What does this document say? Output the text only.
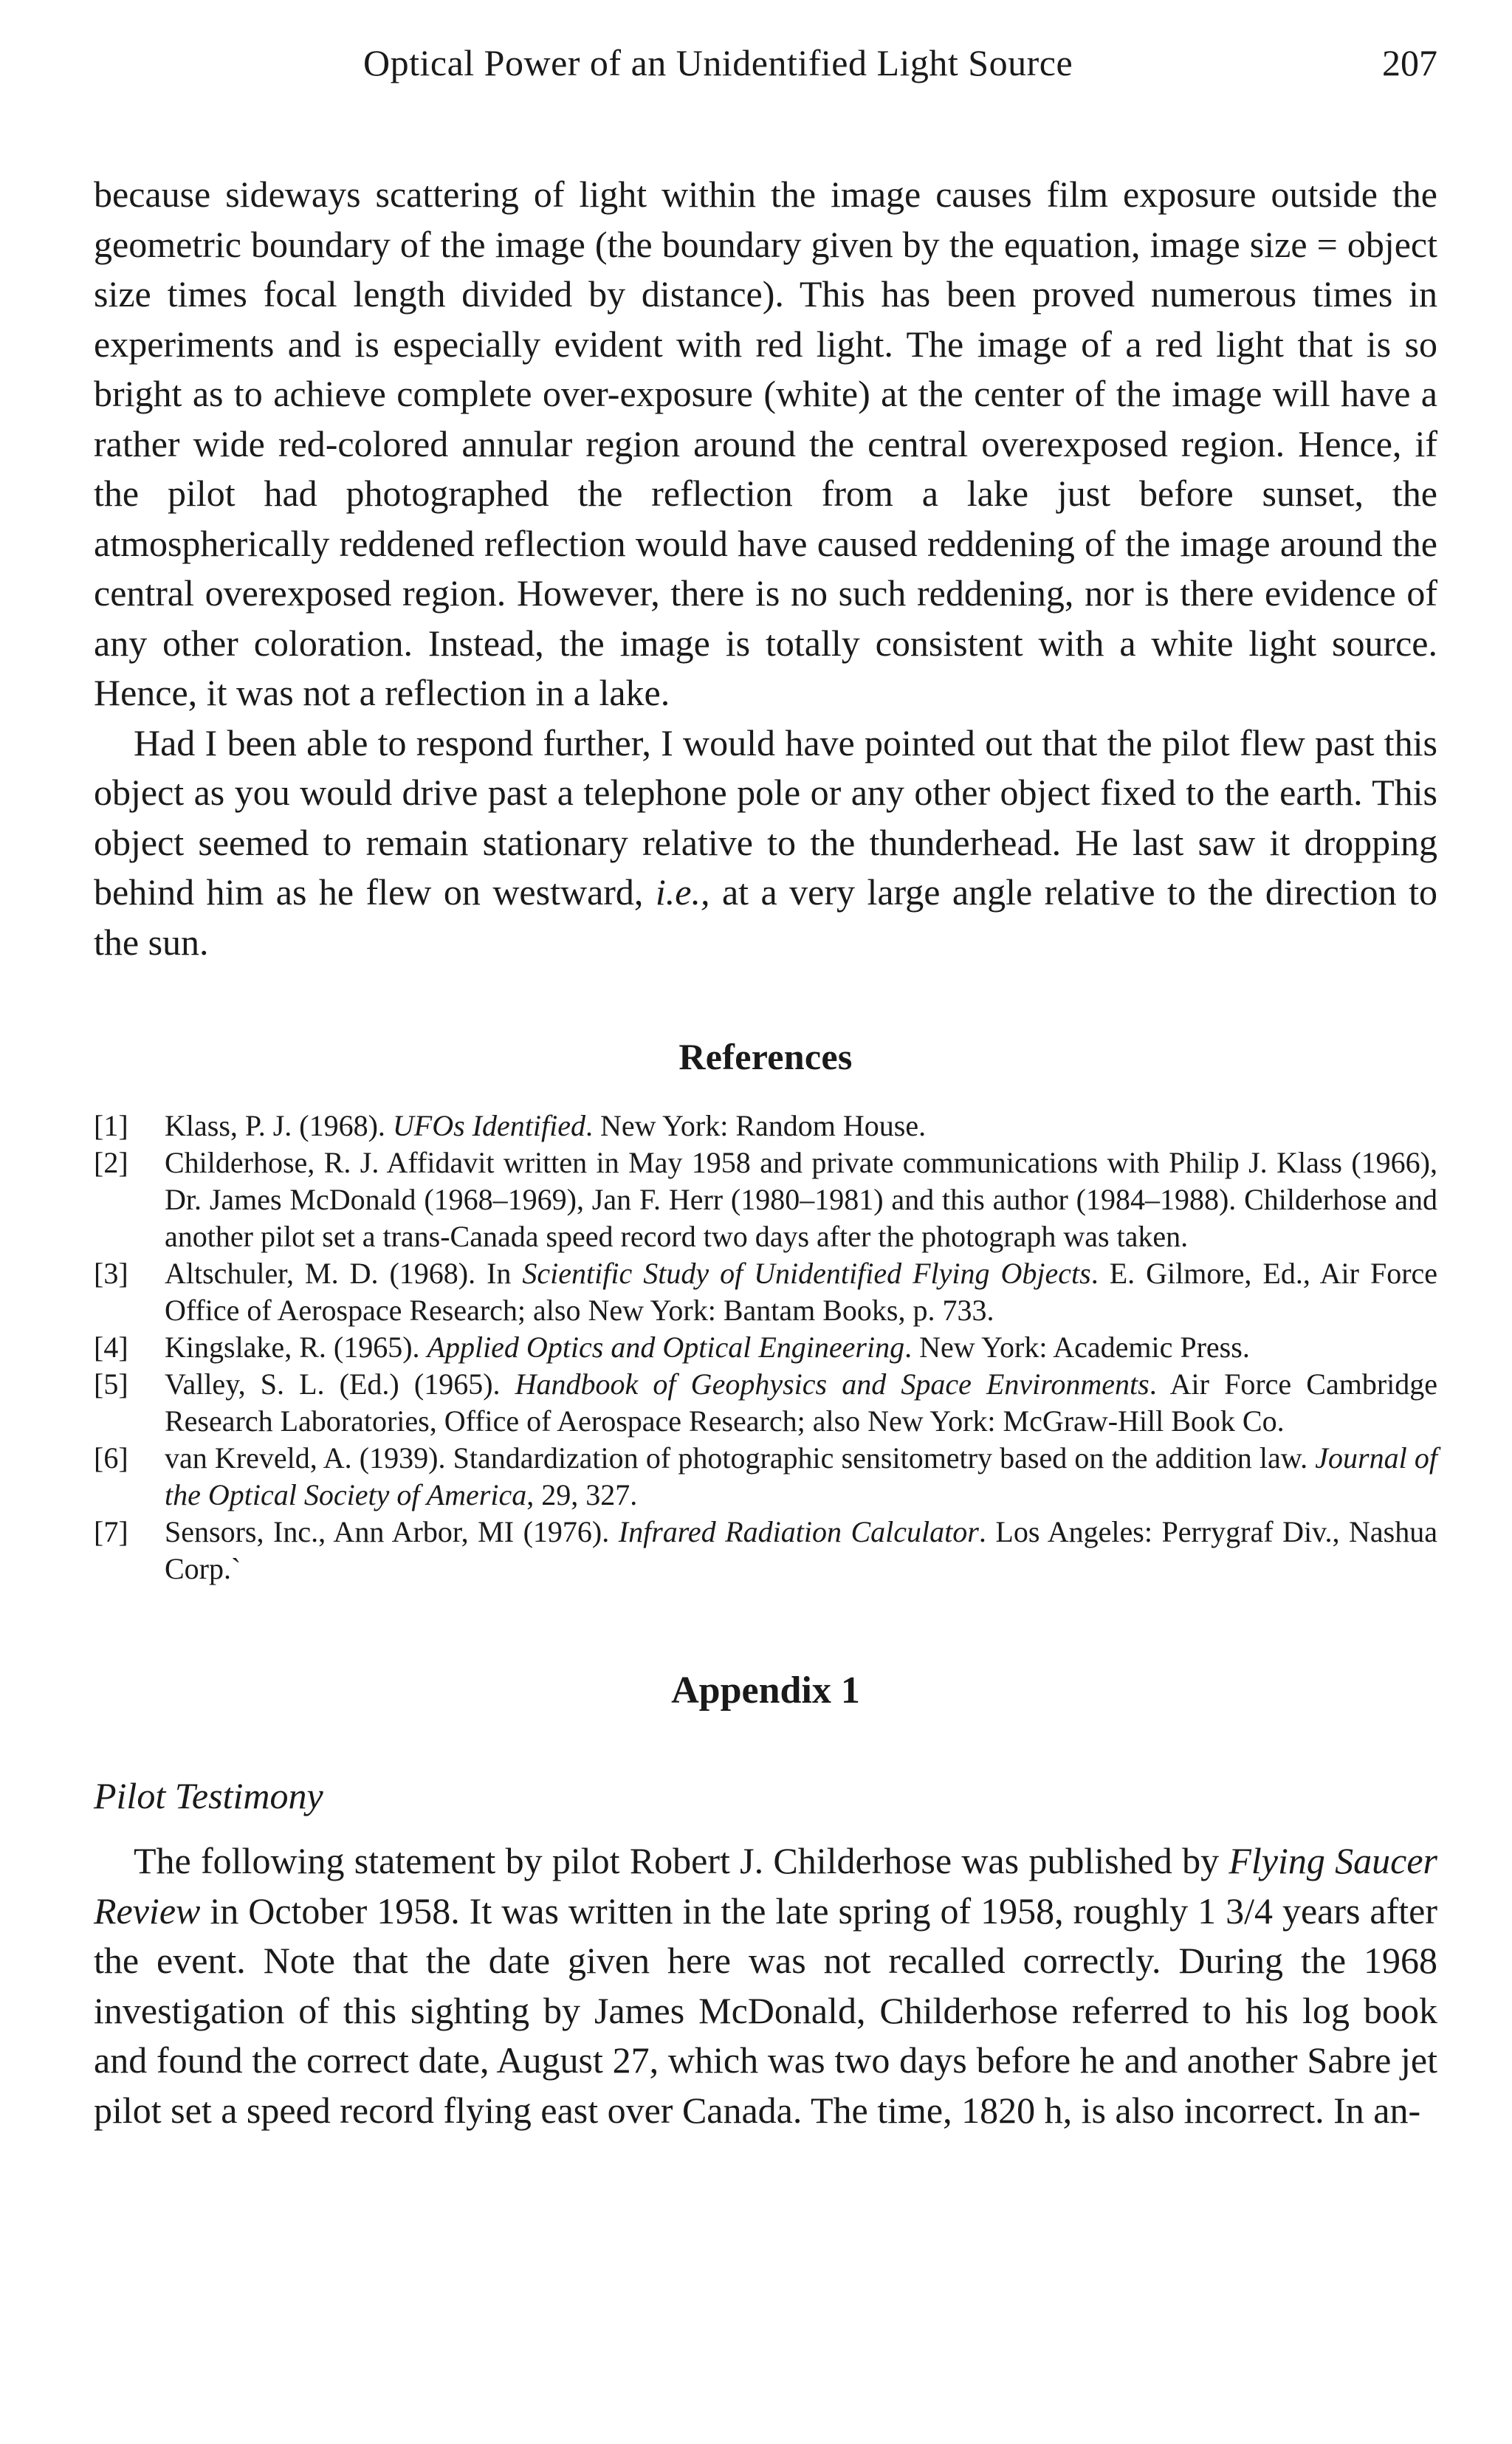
Optical Power of an Unidentified Light Source	207

because sideways scattering of light within the image causes film exposure outside the geometric boundary of the image (the boundary given by the equation, image size = object size times focal length divided by distance). This has been proved numerous times in experiments and is especially evident with red light. The image of a red light that is so bright as to achieve complete over-exposure (white) at the center of the image will have a rather wide red-colored annular region around the central overexposed region. Hence, if the pilot had photographed the reflection from a lake just before sunset, the atmospherically reddened reflection would have caused reddening of the image around the central overexposed region. However, there is no such reddening, nor is there evidence of any other coloration. Instead, the image is totally consistent with a white light source. Hence, it was not a reflection in a lake.

Had I been able to respond further, I would have pointed out that the pilot flew past this object as you would drive past a telephone pole or any other object fixed to the earth. This object seemed to remain stationary relative to the thunderhead. He last saw it dropping behind him as he flew on westward, i.e., at a very large angle relative to the direction to the sun.

References
[1] Klass, P. J. (1968). UFOs Identified. New York: Random House.
[2] Childerhose, R. J. Affidavit written in May 1958 and private communications with Philip J. Klass (1966), Dr. James McDonald (1968–1969), Jan F. Herr (1980–1981) and this author (1984–1988). Childerhose and another pilot set a trans-Canada speed record two days after the photograph was taken.
[3] Altschuler, M. D. (1968). In Scientific Study of Unidentified Flying Objects. E. Gilmore, Ed., Air Force Office of Aerospace Research; also New York: Bantam Books, p. 733.
[4] Kingslake, R. (1965). Applied Optics and Optical Engineering. New York: Academic Press.
[5] Valley, S. L. (Ed.) (1965). Handbook of Geophysics and Space Environments. Air Force Cambridge Research Laboratories, Office of Aerospace Research; also New York: McGraw-Hill Book Co.
[6] van Kreveld, A. (1939). Standardization of photographic sensitometry based on the addition law. Journal of the Optical Society of America, 29, 327.
[7] Sensors, Inc., Ann Arbor, MI (1976). Infrared Radiation Calculator. Los Angeles: Perrygraf Div., Nashua Corp.`
Appendix 1

Pilot Testimony

The following statement by pilot Robert J. Childerhose was published by Flying Saucer Review in October 1958. It was written in the late spring of 1958, roughly 1 3/4 years after the event. Note that the date given here was not recalled correctly. During the 1968 investigation of this sighting by James McDonald, Childerhose referred to his log book and found the correct date, August 27, which was two days before he and another Sabre jet pilot set a speed record flying east over Canada. The time, 1820 h, is also incorrect. In an-
